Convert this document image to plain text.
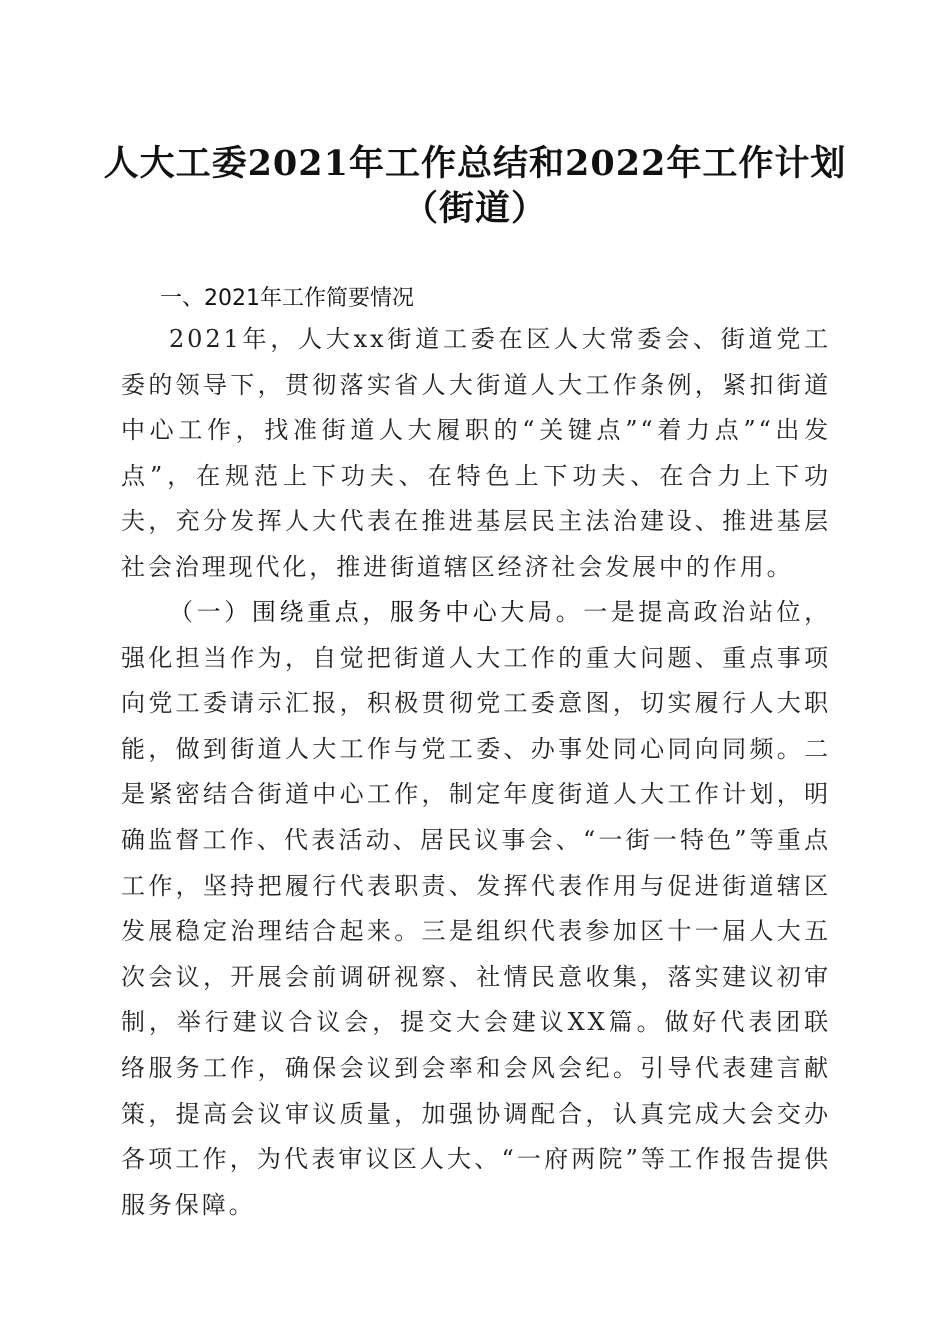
人大工委2021年工作总结和2022年工作计划
（街道）
一、2021年工作简要情况

2021年，人大xx街道工委在区人大常委会、街道党工委的领导下，贯彻落实省人大街道人大工作条例，紧扣街道中心工作，找准街道人大履职的“关键点”“着力点”“出发点”，在规范上下功夫、在特色上下功夫、在合力上下功夫，充分发挥人大代表在推进基层民主法治建设、推进基层社会治理现代化，推进街道辖区经济社会发展中的作用。

（一）围绕重点，服务中心大局。一是提高政治站位，强化担当作为，自觉把街道人大工作的重大问题、重点事项向党工委请示汇报，积极贯彻党工委意图，切实履行人大职能，做到街道人大工作与党工委、办事处同心同向同频。二是紧密结合街道中心工作，制定年度街道人大工作计划，明确监督工作、代表活动、居民议事会、“一街一特色”等重点工作，坚持把履行代表职责、发挥代表作用与促进街道辖区发展稳定治理结合起来。三是组织代表参加区十一届人大五次会议，开展会前调研视察、社情民意收集，落实建议初审制，举行建议合议会，提交大会建议XX篇。做好代表团联络服务工作，确保会议到会率和会风会纪。引导代表建言献策，提高会议审议质量，加强协调配合，认真完成大会交办各项工作，为代表审议区人大、“一府两院”等工作报告提供服务保障。
